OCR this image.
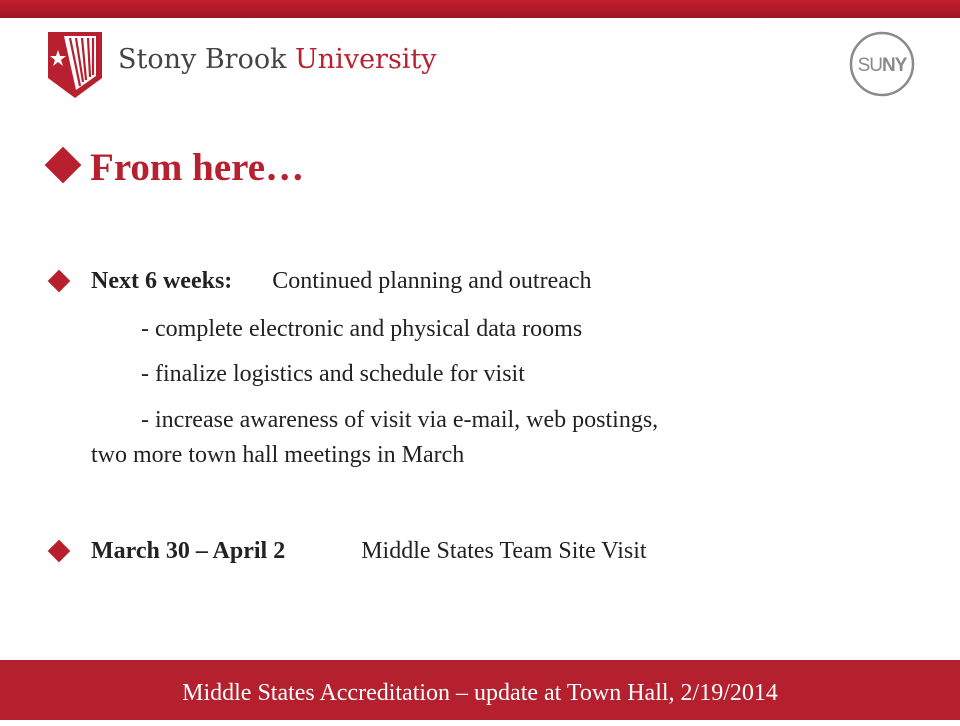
Stony Brook University	SUNY
From here…
Next 6 weeks: Continued planning and outreach
- complete electronic and physical data rooms
- finalize logistics and schedule for visit
- increase awareness of visit via e-mail, web postings,
two more town hall meetings in March
March 30 – April 2	Middle States Team Site Visit
Middle States Accreditation – update at Town Hall, 2/19/2014
